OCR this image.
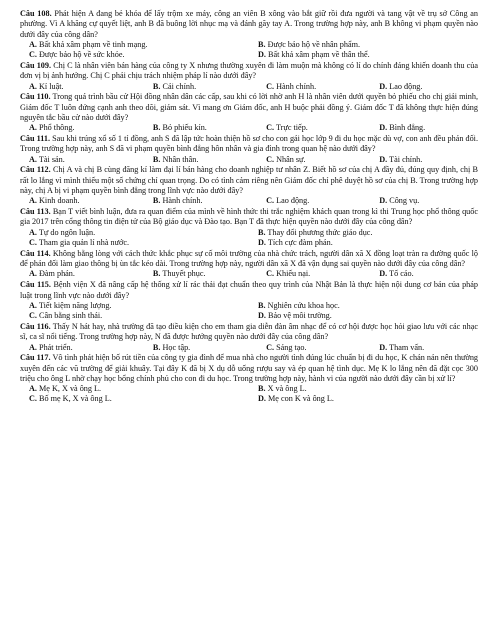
Câu 108. Phát hiện A đang bẻ khóa để lấy trộm xe máy, công an viên B xông vào bắt giữ rồi đưa người và tang vật về trụ sở Công an phường. Vì A khăng cự quyết liệt, anh B đã buông lời nhục mạ và đánh gãy tay A. Trong trường hợp này, anh B không vi phạm quyền nào dưới đây của công dân?

A. Bất khả xâm phạm về tinh mạng.	B. Được bảo hộ về nhân phẩm.
C. Được bảo hộ về sức khỏe.	D. Bất khả xâm phạm về thân thể.

Câu 109. Chị C là nhân viên bán hàng của công ty X nhưng thường xuyên đi làm muộn mà không có lí do chính đáng khiến doanh thu của đơn vị bị ảnh hưởng. Chị C phải chịu trách nhiệm pháp lí nào dưới đây?

A. Kỉ luật.	B. Cải chính.	C. Hành chính.	D. Lao động.

Câu 110. Trong quá trình bầu cử Hội đồng nhân dân các cấp, sau khi có lời nhờ anh H là nhân viên dưới quyền bỏ phiếu cho chị giải minh, Giám đốc T luôn đứng cạnh anh theo dõi, giám sát. Vì mang ơn Giám đốc, anh H buộc phải đồng ý. Giám đốc T đã không thực hiện đúng nguyên tắc bầu cử nào dưới đây?

A. Phổ thông.	B. Bỏ phiếu kín.	C. Trực tiếp.	D. Bình đẳng.

Câu 111. Sau khi trúng xổ số 1 tỉ đồng, anh S đã lập tức hoàn thiện hồ sơ cho con gái học lớp 9 đi du học mặc dù vợ, con anh đều phản đối. Trong trường hợp này, anh S đã vi phạm quyền bình đẳng hôn nhân và gia đình trong quan hệ nào dưới đây?

A. Tài sản.	B. Nhân thân.	C. Nhân sự.	D. Tài chính.

Câu 112. Chị A và chị B cùng đăng kí làm đại lí bán hàng cho doanh nghiệp tư nhân Z. Biết hồ sơ của chị A đầy đủ, đúng quy định, chị B rất lo lắng vì mình thiếu một số chứng chỉ quan trọng. Do có tình cảm riêng nên Giám đốc chỉ phê duyệt hồ sơ của chị B. Trong trường hợp này, chị A bị vi phạm quyền bình đẳng trong lĩnh vực nào dưới đây?

A. Kinh doanh.	B. Hành chính.	C. Lao động.	D. Công vụ.

Câu 113. Bạn T viết bình luận, đưa ra quan điểm của mình về hình thức thi trắc nghiệm khách quan trong kì thi Trung học phổ thông quốc gia 2017 trên cổng thông tin điện tử của Bộ giáo dục và Đào tạo. Bạn T đã thực hiện quyền nào dưới đây của công dân?

A. Tự do ngôn luận.	B. Thay đổi phương thức giáo dục.
C. Tham gia quản lí nhà nước.	D. Tích cực đàm phán.

Câu 114. Không bằng lòng với cách thức khắc phục sự cố môi trường của nhà chức trách, người dân xã X đồng loạt tràn ra đường quốc lộ để phản đối làm giao thông bị ùn tắc kéo dài. Trong trường hợp này, người dân xã X đã vận dụng sai quyền nào dưới đây của công dân?

A. Đàm phán.	B. Thuyết phục.	C. Khiếu nại.	D. Tố cáo.

Câu 115. Bệnh viện X đã nâng cấp hệ thống xử lí rác thải đạt chuẩn theo quy trình của Nhật Bản là thực hiện nội dung cơ bản của pháp luật trong lĩnh vực nào dưới đây?

A. Tiết kiệm năng lượng.	B. Nghiên cứu khoa học.
C. Cân bằng sinh thái.	D. Bảo vệ môi trường.

Câu 116. Thấy N hát hay, nhà trường đã tạo điều kiện cho em tham gia diễn đàn âm nhạc để có cơ hội được học hỏi giao lưu với các nhạc sĩ, ca sĩ nổi tiếng. Trong trường hợp này, N đã được hưởng quyền nào dưới đây của công dân?

A. Phát triển.	B. Học tập.	C. Sáng tạo.	D. Tham vấn.

Câu 117. Vô tình phát hiện bố rút tiền của công ty gia đình để mua nhà cho người tình đúng lúc chuẩn bị đi du học, K chán nản nên thường xuyên đến các vũ trường để giải khuây. Tại đây K đã bị X dụ dỗ uống rượu say và ép quan hệ tình dục. Mẹ K lo lắng nên đã đặt cọc 300 triệu cho ông L nhờ chạy học bổng chính phủ cho con đi du học. Trong trường hợp này, hành vi của người nào dưới đây cần bị xử lí?

A. Mẹ K, X và ông L.	B. X và ông L.
C. Bố mẹ K, X và ông L.	D. Mẹ con K và ông L.
